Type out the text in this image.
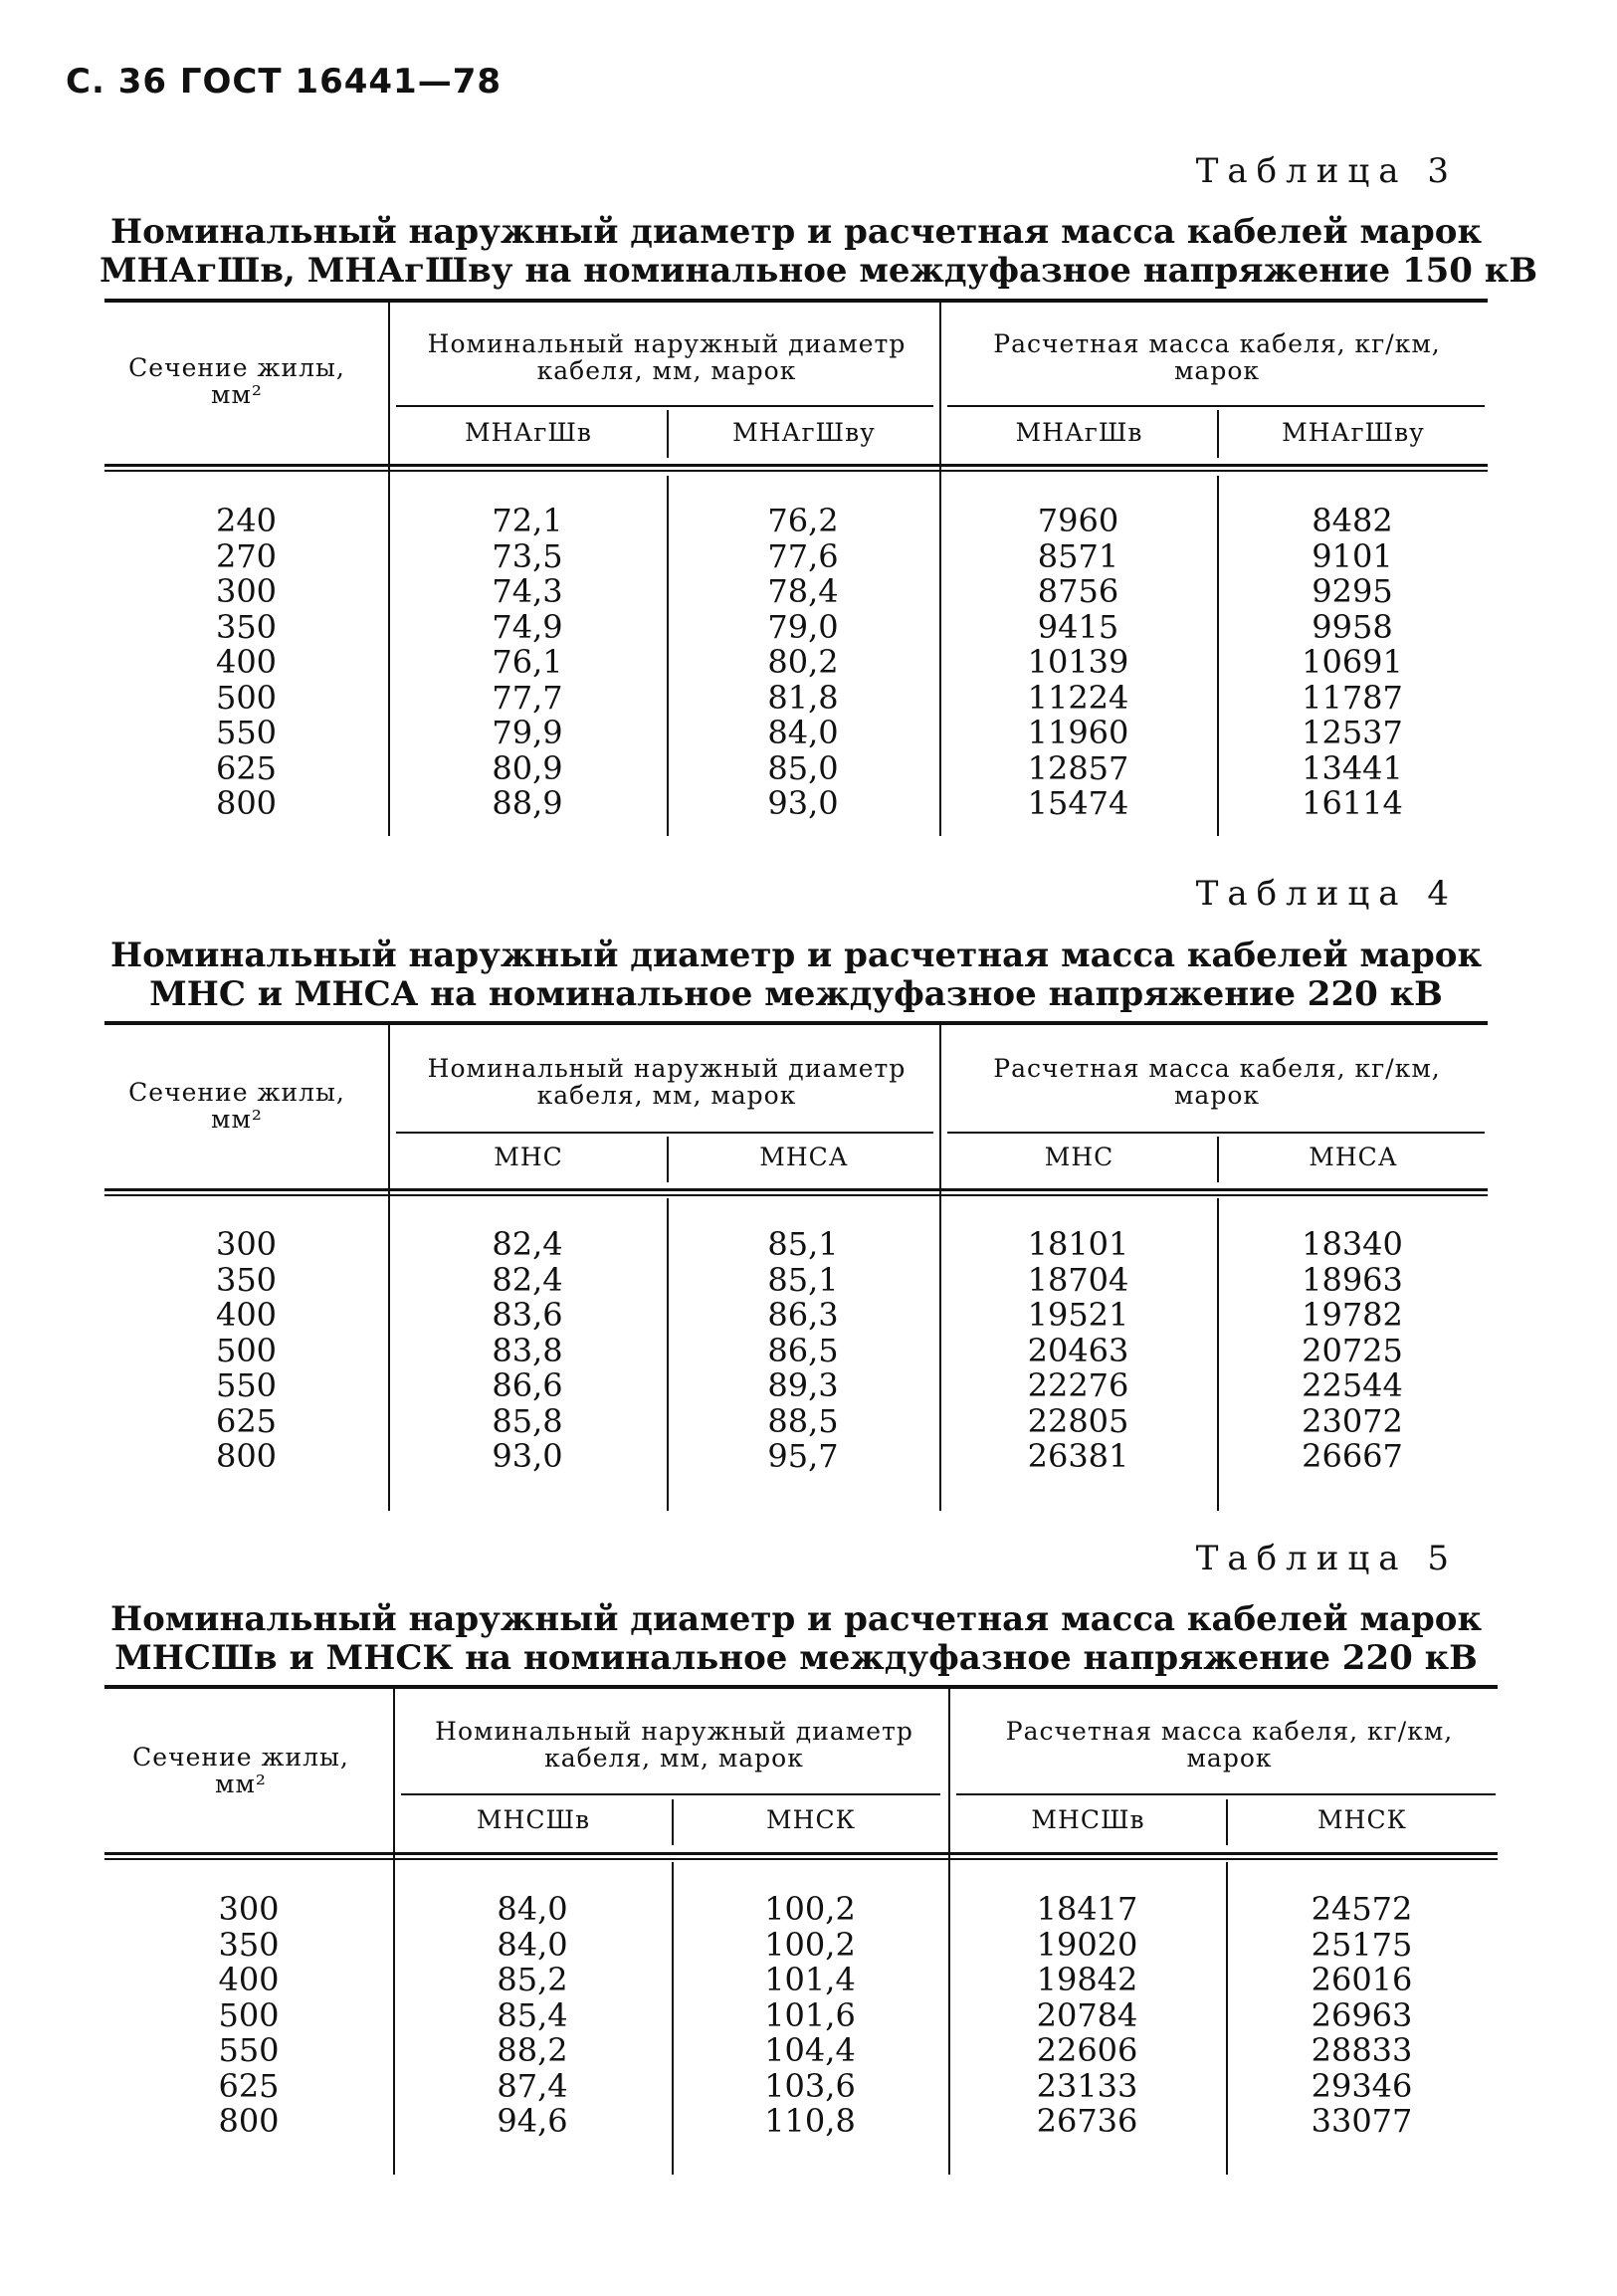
С. 36 ГОСТ 16441—78
Таблица 3
Номинальный наружный диаметр и расчетная масса кабелей марок
МНАгШв, МНАгШву на номинальное междуфазное напряжение 150 кВ
Сечение жилы, мм²
Номинальный наружный диаметр кабеля, мм, марок
Расчетная масса кабеля, кг/км, марок
МНАгШв	МНАгШву	МНАгШв	МНАгШву
240	72,1	76,2	7960	8482
270	73,5	77,6	8571	9101
300	74,3	78,4	8756	9295
350	74,9	79,0	9415	9958
400	76,1	80,2	10139	10691
500	77,7	81,8	11224	11787
550	79,9	84,0	11960	12537
625	80,9	85,0	12857	13441
800	88,9	93,0	15474	16114
Таблица 4
Номинальный наружный диаметр и расчетная масса кабелей марок
МНС и МНСА на номинальное междуфазное напряжение 220 кВ
Сечение жилы, мм²
Номинальный наружный диаметр кабеля, мм, марок
Расчетная масса кабеля, кг/км, марок
МНС	МНСА	МНС	МНСА
300	82,4	85,1	18101	18340
350	82,4	85,1	18704	18963
400	83,6	86,3	19521	19782
500	83,8	86,5	20463	20725
550	86,6	89,3	22276	22544
625	85,8	88,5	22805	23072
800	93,0	95,7	26381	26667
Таблица 5
Номинальный наружный диаметр и расчетная масса кабелей марок
МНСШв и МНСК на номинальное междуфазное напряжение 220 кВ
Сечение жилы, мм²
Номинальный наружный диаметр кабеля, мм, марок
Расчетная масса кабеля, кг/км, марок
МНСШв	МНСК	МНСШв	МНСК
300	84,0	100,2	18417	24572
350	84,0	100,2	19020	25175
400	85,2	101,4	19842	26016
500	85,4	101,6	20784	26963
550	88,2	104,4	22606	28833
625	87,4	103,6	23133	29346
800	94,6	110,8	26736	33077
